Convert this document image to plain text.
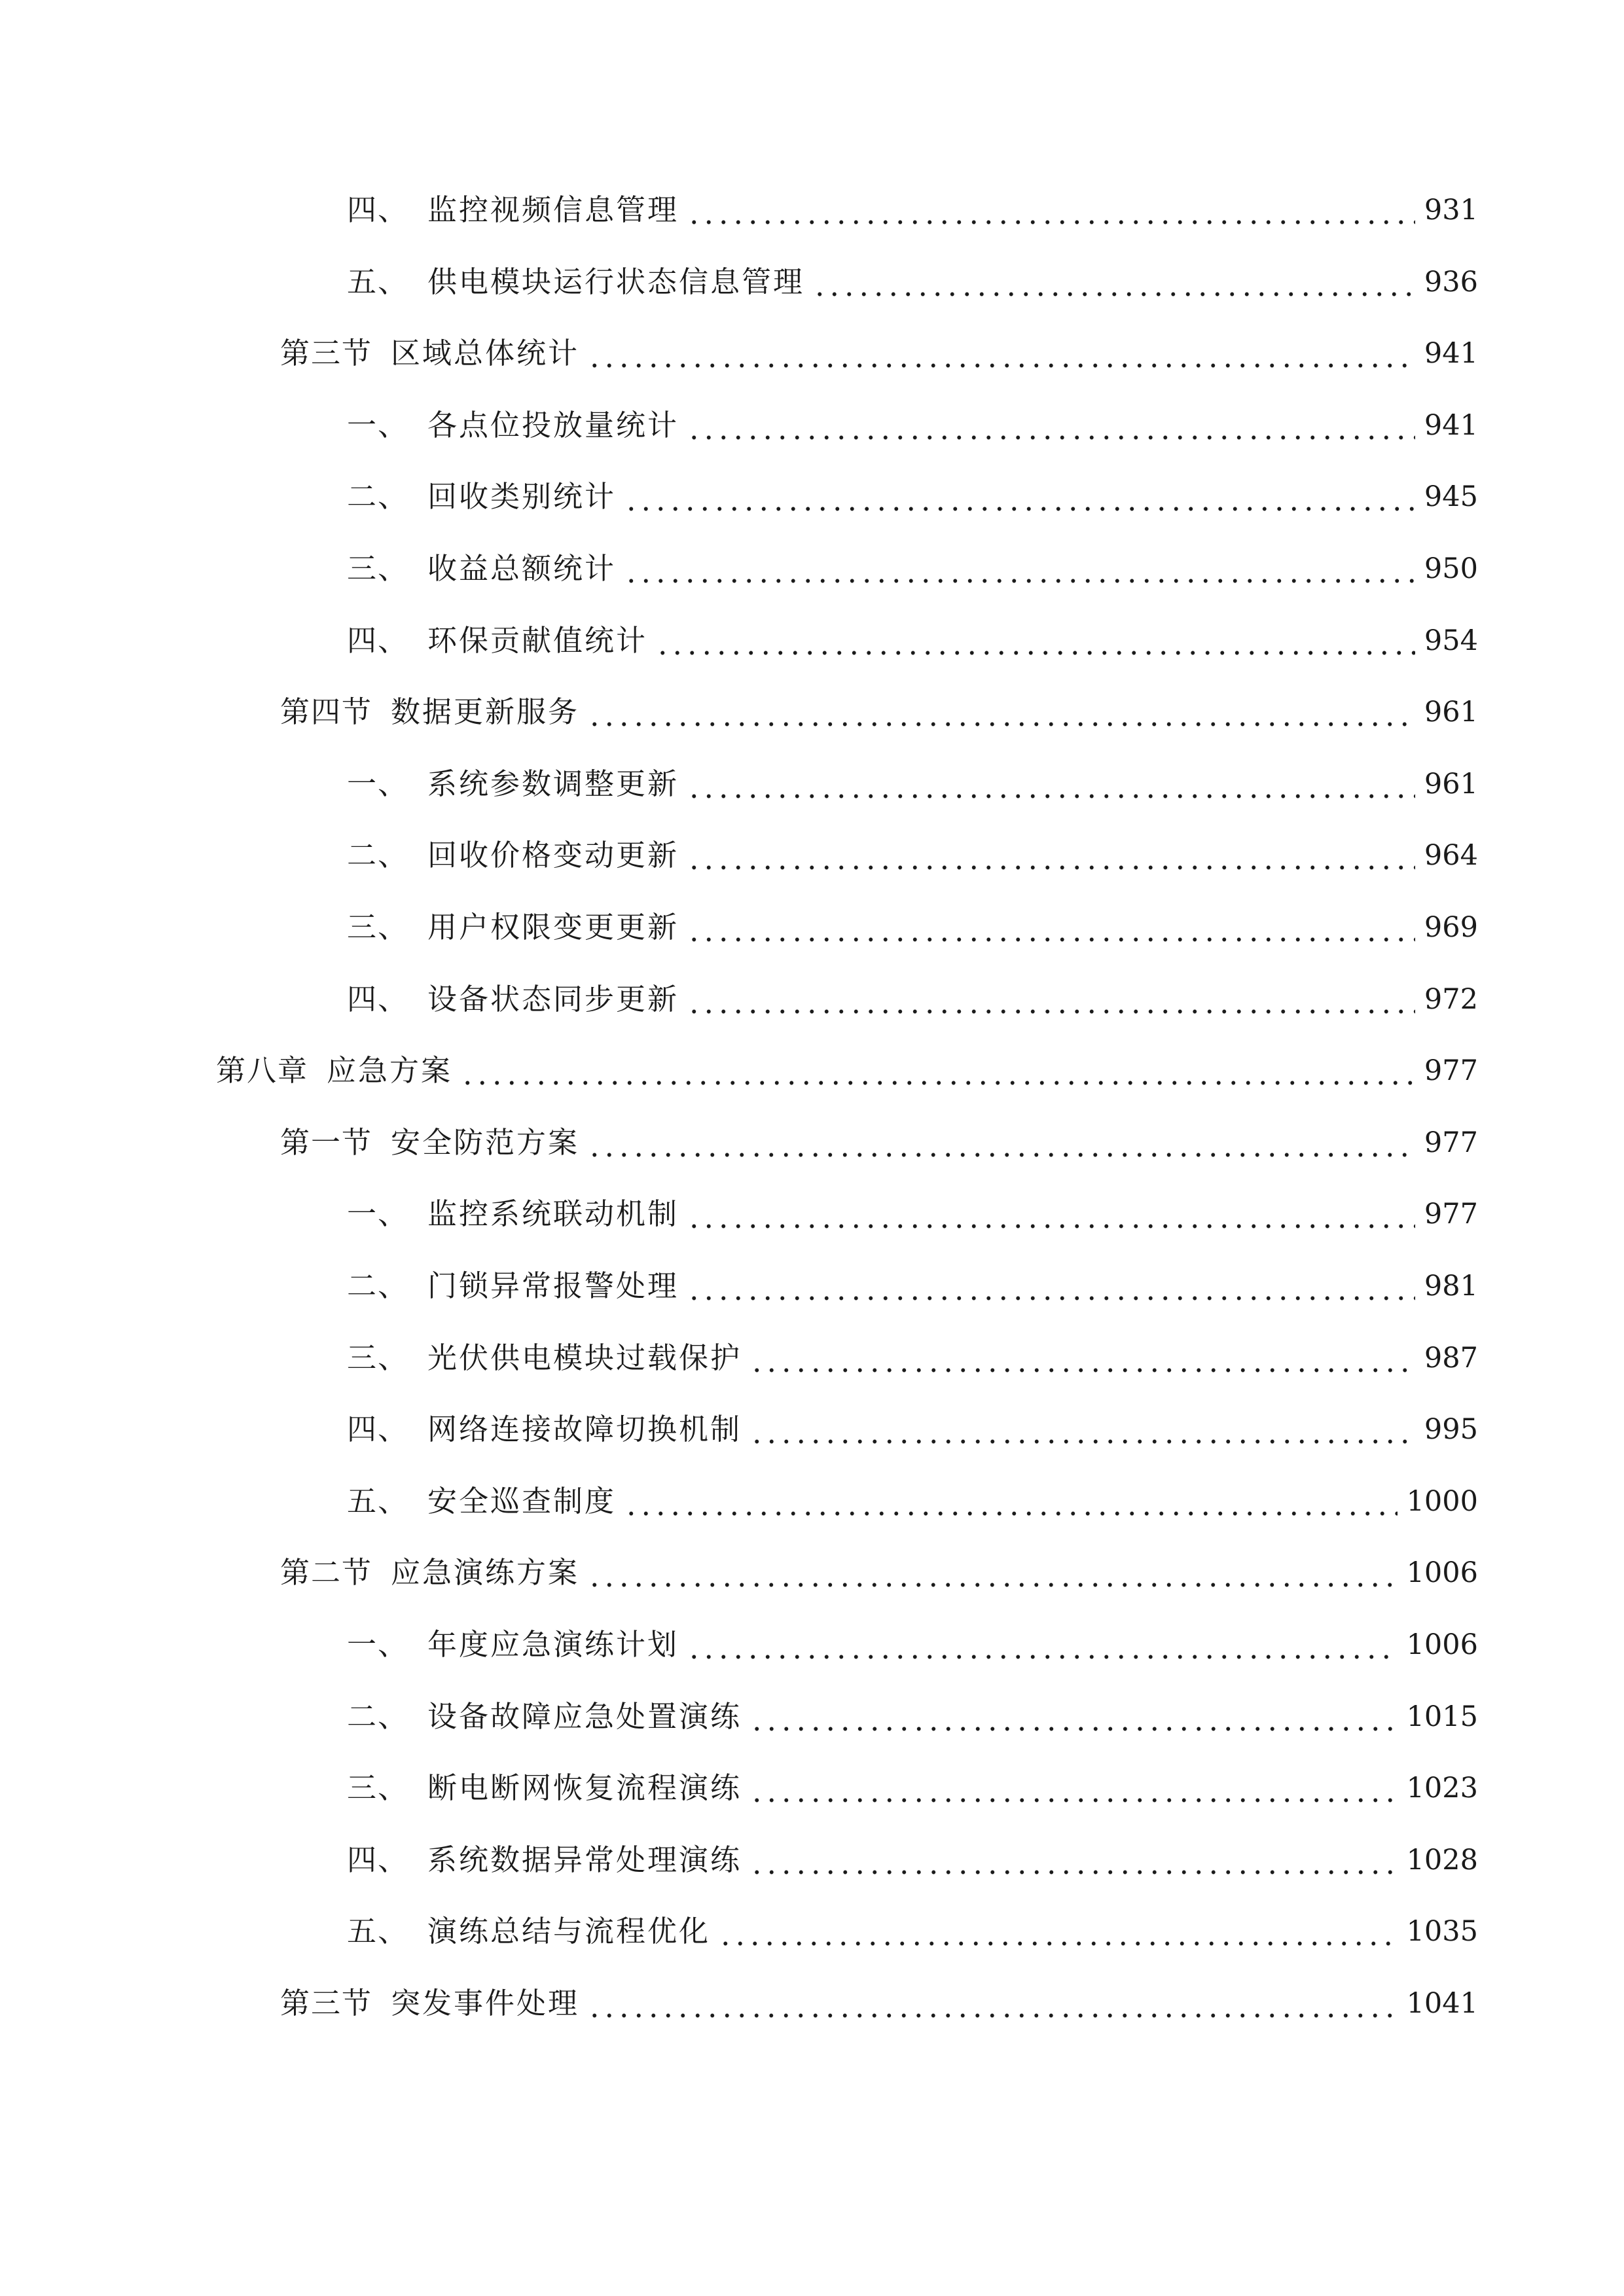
四、 监控视频信息管理	931
五、 供电模块运行状态信息管理	936
第三节 区域总体统计	941
一、 各点位投放量统计	941
二、 回收类别统计	945
三、 收益总额统计	950
四、 环保贡献值统计	954
第四节 数据更新服务	961
一、 系统参数调整更新	961
二、 回收价格变动更新	964
三、 用户权限变更更新	969
四、 设备状态同步更新	972
第八章 应急方案	977
第一节 安全防范方案	977
一、 监控系统联动机制	977
二、 门锁异常报警处理	981
三、 光伏供电模块过载保护	987
四、 网络连接故障切换机制	995
五、 安全巡查制度	1000
第二节 应急演练方案	1006
一、 年度应急演练计划	1006
二、 设备故障应急处置演练	1015
三、 断电断网恢复流程演练	1023
四、 系统数据异常处理演练	1028
五、 演练总结与流程优化	1035
第三节 突发事件处理	1041
